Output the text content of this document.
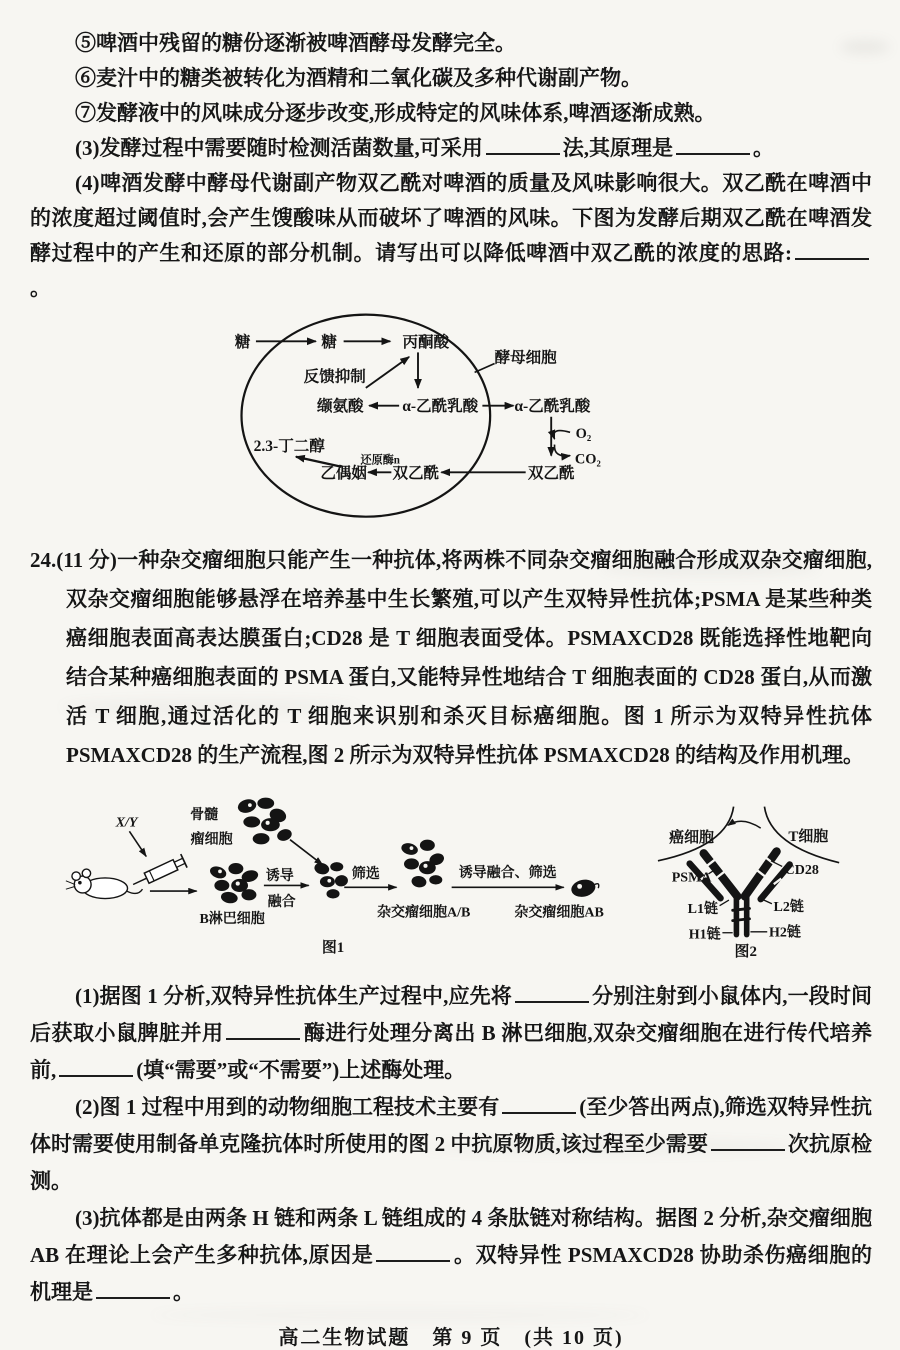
⑤啤酒中残留的糖份逐渐被啤酒酵母发酵完全。

⑥麦汁中的糖类被转化为酒精和二氧化碳及多种代谢副产物。

⑦发酵液中的风味成分逐步改变,形成特定的风味体系,啤酒逐渐成熟。

(3)发酵过程中需要随时检测活菌数量,可采用	法,其原理是	。

(4)啤酒发酵中酵母代谢副产物双乙酰对啤酒的质量及风味影响很大。双乙酰在啤酒中的浓度超过阈值时,会产生馊酸味从而破坏了啤酒的风味。下图为发酵后期双乙酰在啤酒发酵过程中的产生和还原的部分机制。请写出可以降低啤酒中双乙酰的浓度的思路:。

糖	糖	丙酮酸
酵母细胞
反馈抑制
缬氨酸	α-乙酰乳酸	α-乙酰乳酸
O₂
CO₂
双乙酰
双乙酰
还原酶n
乙偶姻
2.3-丁二醇

24.(11 分)一种杂交瘤细胞只能产生一种抗体,将两株不同杂交瘤细胞融合形成双杂交瘤细胞,双杂交瘤细胞能够悬浮在培养基中生长繁殖,可以产生双特异性抗体;PSMA 是某些种类癌细胞表面高表达膜蛋白;CD28 是 T 细胞表面受体。PSMAXCD28 既能选择性地靶向结合某种癌细胞表面的 PSMA 蛋白,又能特异性地结合 T 细胞表面的 CD28 蛋白,从而激活 T 细胞,通过活化的 T 细胞来识别和杀灭目标癌细胞。图 1 所示为双特异性抗体 PSMAXCD28 的生产流程,图 2 所示为双特异性抗体 PSMAXCD28 的结构及作用机理。

X/Y
B淋巴细胞
骨髓
瘤细胞
诱导
融合
筛选
杂交瘤细胞A/B
诱导融合、筛选
杂交瘤细胞AB
图1
癌细胞	T细胞
PSMA	CD28
L1链	L2链
H1链	H2链
图2

(1)据图 1 分析,双特异性抗体生产过程中,应先将	分别注射到小鼠体内,一段时间后获取小鼠脾脏并用	酶进行处理分离出 B 淋巴细胞,双杂交瘤细胞在进行传代培养前,	(填“需要”或“不需要”)上述酶处理。

(2)图 1 过程中用到的动物细胞工程技术主要有	(至少答出两点),筛选双特异性抗体时需要使用制备单克隆抗体时所使用的图 2 中抗原物质,该过程至少需要	次抗原检测。

(3)抗体都是由两条 H 链和两条 L 链组成的 4 条肽链对称结构。据图 2 分析,杂交瘤细胞 AB 在理论上会产生多种抗体,原因是	。双特异性 PSMAXCD28 协助杀伤癌细胞的机理是	。

高二生物试题　第 9 页　(共 10 页)
